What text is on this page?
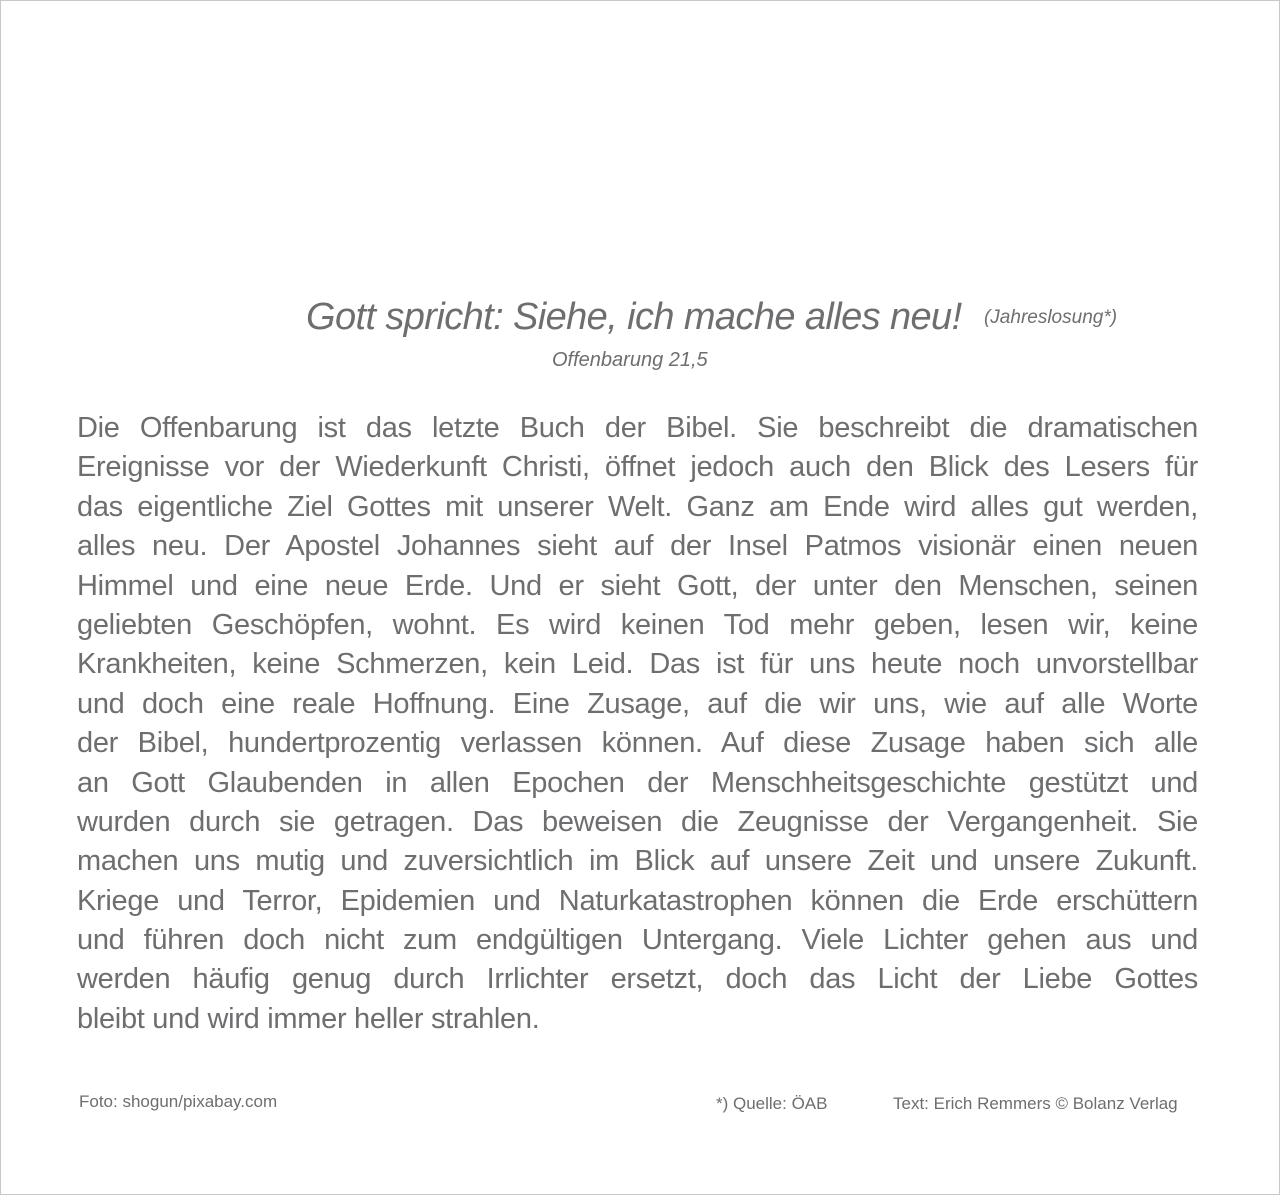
Gott spricht: Siehe, ich mache alles neu! (Jahreslosung*)
Offenbarung 21,5
Die Offenbarung ist das letzte Buch der Bibel. Sie beschreibt die dramatischen
Ereignisse vor der Wiederkunft Christi, öffnet jedoch auch den Blick des Lesers für
das eigentliche Ziel Gottes mit unserer Welt. Ganz am Ende wird alles gut werden,
alles neu. Der Apostel Johannes sieht auf der Insel Patmos visionär einen neuen
Himmel und eine neue Erde. Und er sieht Gott, der unter den Menschen, seinen
geliebten Geschöpfen, wohnt. Es wird keinen Tod mehr geben, lesen wir, keine
Krankheiten, keine Schmerzen, kein Leid. Das ist für uns heute noch unvorstellbar
und doch eine reale Hoffnung. Eine Zusage, auf die wir uns, wie auf alle Worte
der Bibel, hundertprozentig verlassen können. Auf diese Zusage haben sich alle
an Gott Glaubenden in allen Epochen der Menschheitsgeschichte gestützt und
wurden durch sie getragen. Das beweisen die Zeugnisse der Vergangenheit. Sie
machen uns mutig und zuversichtlich im Blick auf unsere Zeit und unsere Zukunft.
Kriege und Terror, Epidemien und Naturkatastrophen können die Erde erschüttern
und führen doch nicht zum endgültigen Untergang. Viele Lichter gehen aus und
werden häufig genug durch Irrlichter ersetzt, doch das Licht der Liebe Gottes
bleibt und wird immer heller strahlen.
Foto: shogun/pixabay.com	*) Quelle: ÖAB	Text: Erich Remmers © Bolanz Verlag
